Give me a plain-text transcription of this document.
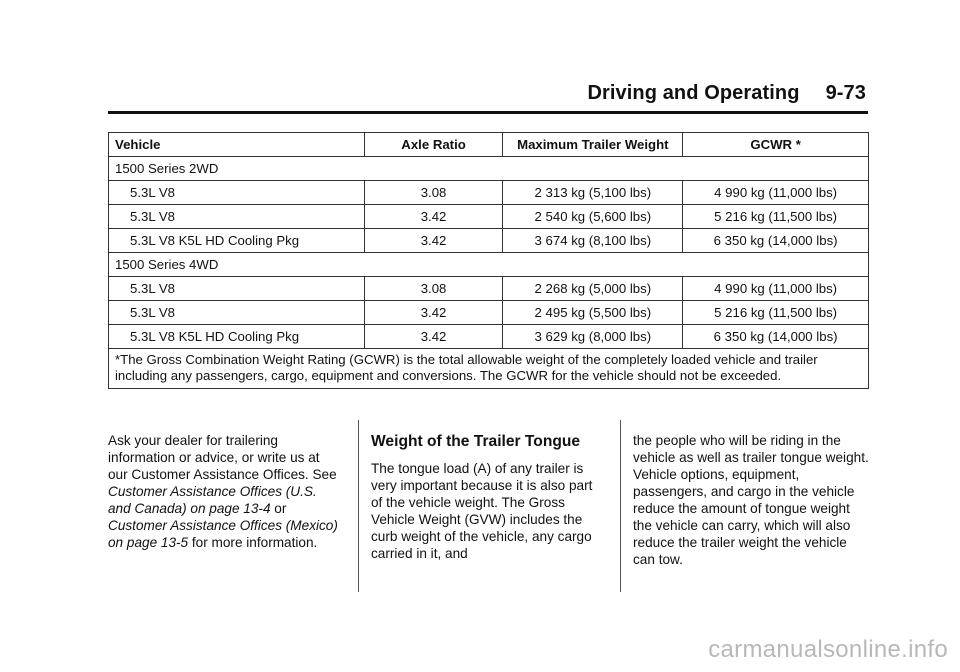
Driving and Operating 9-73
Vehicle	Axle Ratio	Maximum Trailer Weight	GCWR *
1500 Series 2WD			
5.3L V8	3.08	2 313 kg (5,100 lbs)	4 990 kg (11,000 lbs)
5.3L V8	3.42	2 540 kg (5,600 lbs)	5 216 kg (11,500 lbs)
5.3L V8 K5L HD Cooling Pkg	3.42	3 674 kg (8,100 lbs)	6 350 kg (14,000 lbs)
1500 Series 4WD			
5.3L V8	3.08	2 268 kg (5,000 lbs)	4 990 kg (11,000 lbs)
5.3L V8	3.42	2 495 kg (5,500 lbs)	5 216 kg (11,500 lbs)
5.3L V8 K5L HD Cooling Pkg	3.42	3 629 kg (8,000 lbs)	6 350 kg (14,000 lbs)
*The Gross Combination Weight Rating (GCWR) is the total allowable weight of the completely loaded vehicle and trailer including any passengers, cargo, equipment and conversions. The GCWR for the vehicle should not be exceeded.			

Ask your dealer for trailering information or advice, or write us at our Customer Assistance Offices. See Customer Assistance Offices (U.S. and Canada) on page 13-4 or Customer Assistance Offices (Mexico) on page 13-5 for more information.

Weight of the Trailer Tongue

The tongue load (A) of any trailer is very important because it is also part of the vehicle weight. The Gross Vehicle Weight (GVW) includes the curb weight of the vehicle, any cargo carried in it, and

the people who will be riding in the vehicle as well as trailer tongue weight. Vehicle options, equipment, passengers, and cargo in the vehicle reduce the amount of tongue weight the vehicle can carry, which will also reduce the trailer weight the vehicle can tow.

carmanualsonline.info
